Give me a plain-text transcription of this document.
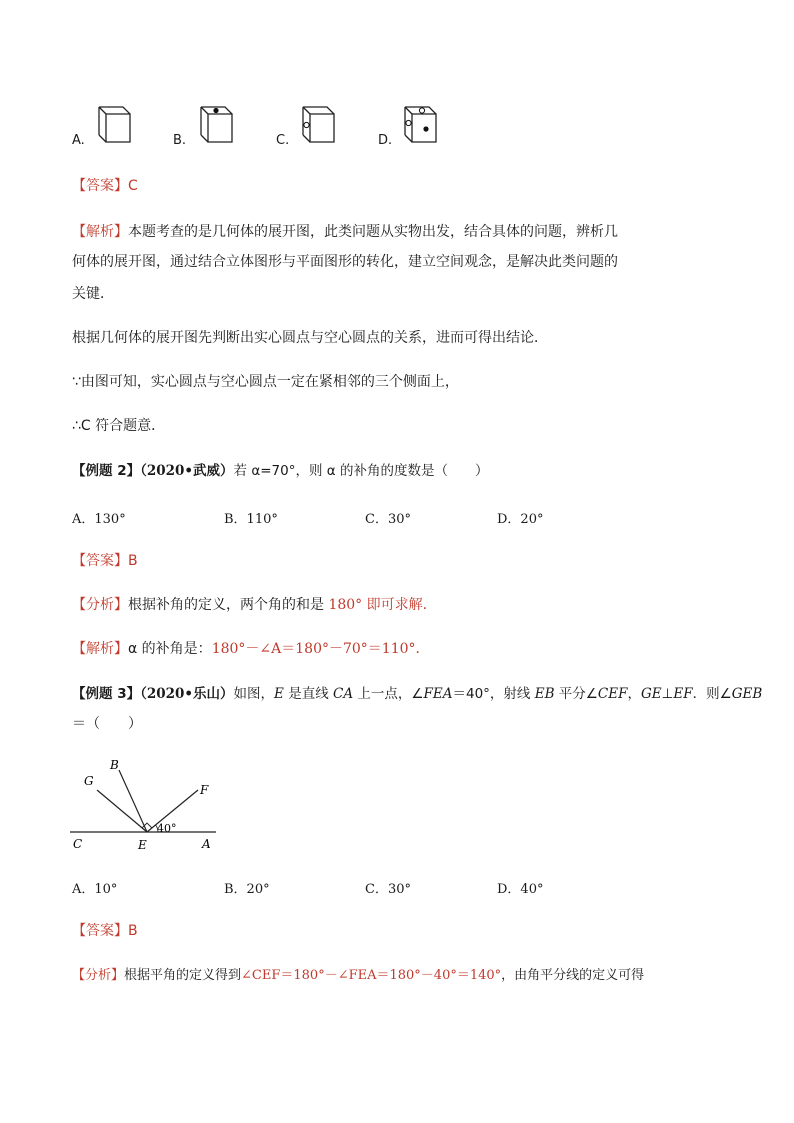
A.	B.	C.	D.
【答案】C
【解析】本题考查的是几何体的展开图，此类问题从实物出发，结合具体的问题，辨析几
何体的展开图，通过结合立体图形与平面图形的转化，建立空间观念，是解决此类问题的
关键．
根据几何体的展开图先判断出实心圆点与空心圆点的关系，进而可得出结论．
∵由图可知，实心圆点与空心圆点一定在紧相邻的三个侧面上，
∴C 符合题意．
【例题 2】（2020•武威）若 α=70°，则 α 的补角的度数是（　　）
A．130°	B．110°	C．30°	D．20°
【答案】B
【分析】根据补角的定义，两个角的和是 180° 即可求解.
【解析】α 的补角是：180°－∠A＝180°－70°＝110°．
【例题 3】（2020•乐山）如图，E 是直线 CA 上一点，∠FEA＝40°，射线 EB 平分∠CEF，GE⊥EF．则∠GEB
＝（　　）
G
B
F
40°
C	E	A
A．10°	B．20°	C．30°	D．40°
【答案】B
【分析】根据平角的定义得到∠CEF＝180°－∠FEA＝180°－40°＝140°，由角平分线的定义可得
